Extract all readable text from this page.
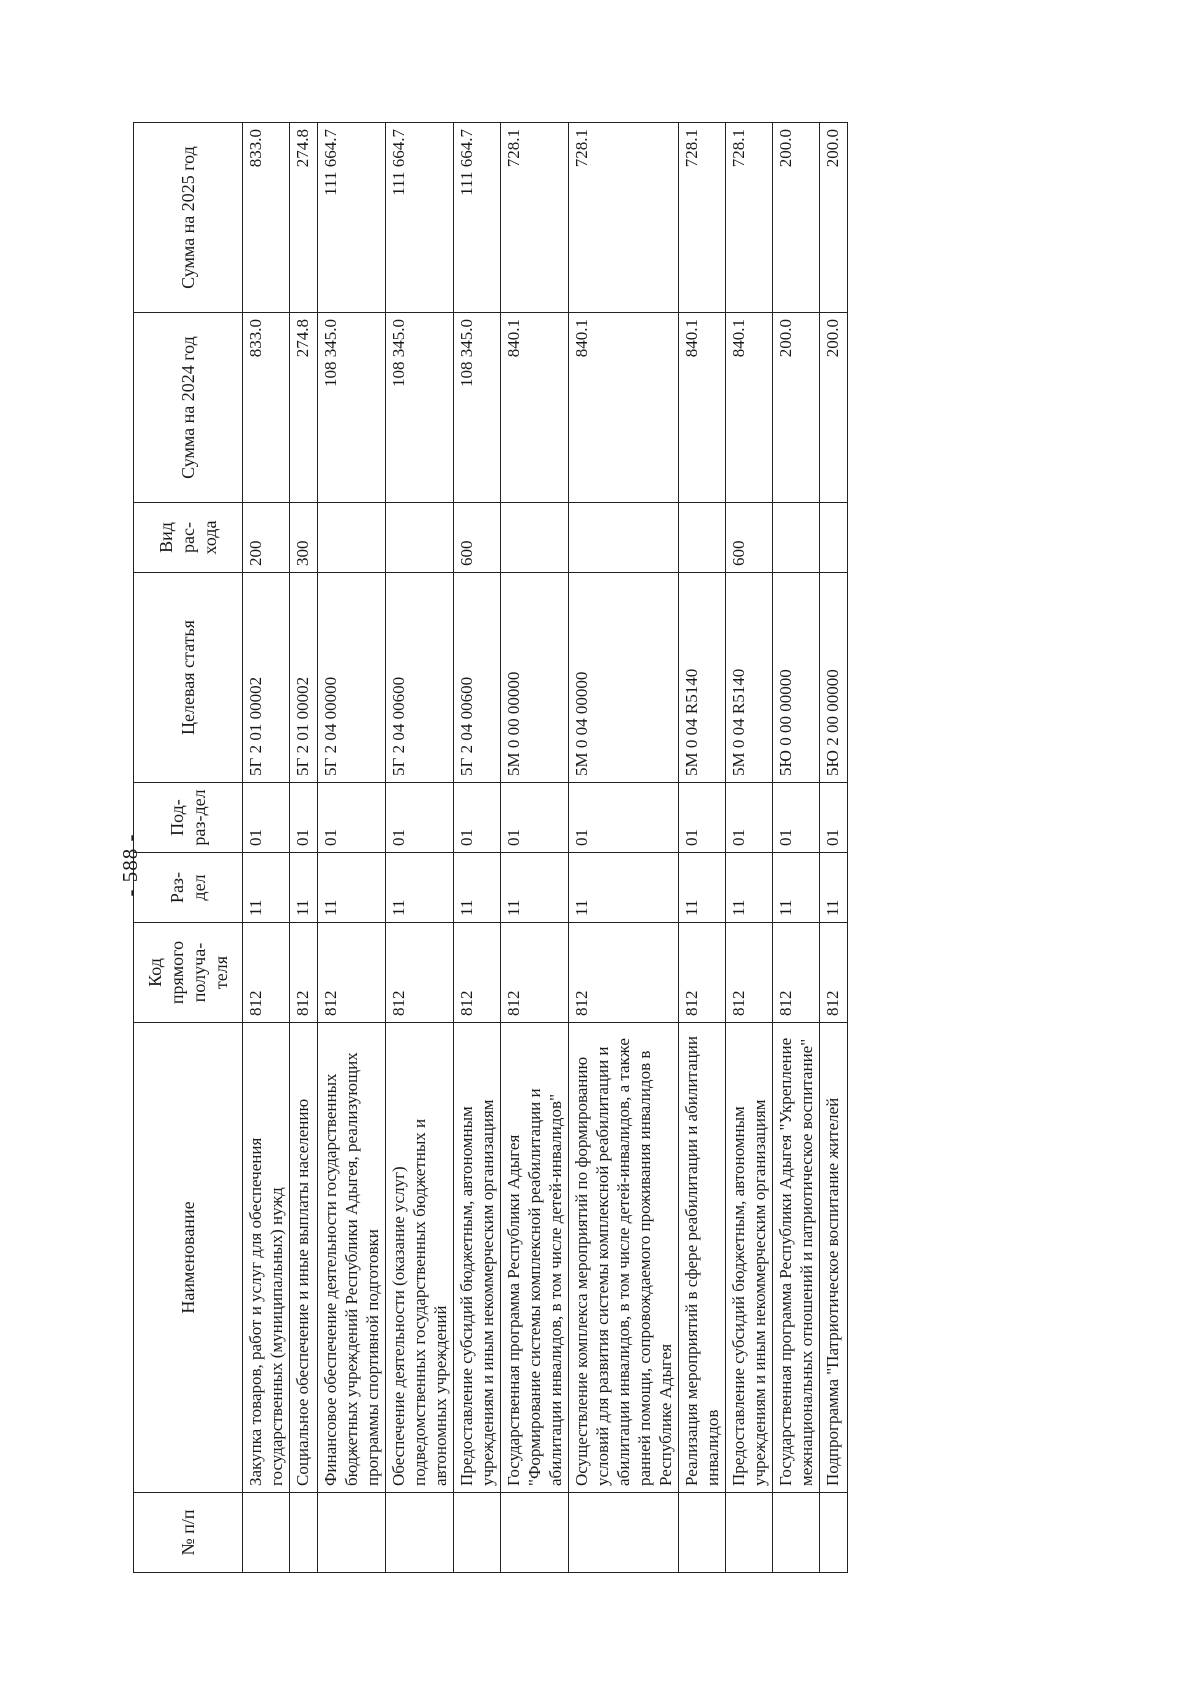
- 588 -
№ п/п	Наименование	Код прямого получа-теля	Раз-дел	Под-раз-дел	Целевая статья	Вид рас-хода	Сумма на 2024 год	Сумма на 2025 год
	Закупка товаров, работ и услуг для обеспечения государственных (муниципальных) нужд	812	11	01	5Г 2 01 00002	200	833.0	833.0
	Социальное обеспечение и иные выплаты населению	812	11	01	5Г 2 01 00002	300	274.8	274.8
	Финансовое обеспечение деятельности государственных бюджетных учреждений Республики Адыгея, реализующих программы спортивной подготовки	812	11	01	5Г 2 04 00000		108 345.0	111 664.7
	Обеспечение деятельности (оказание услуг) подведомственных государственных бюджетных и автономных учреждений	812	11	01	5Г 2 04 00600		108 345.0	111 664.7
	Предоставление субсидий бюджетным, автономным учреждениям и иным некоммерческим организациям	812	11	01	5Г 2 04 00600	600	108 345.0	111 664.7
	Государственная программа Республики Адыгея "Формирование системы комплексной реабилитации и абилитации инвалидов, в том числе детей-инвалидов"	812	11	01	5М 0 00 00000		840.1	728.1
	Осуществление комплекса мероприятий по формированию условий для развития системы комплексной реабилитации и абилитации инвалидов, в том числе детей-инвалидов, а также ранней помощи, сопровождаемого проживания инвалидов в Республике Адыгея	812	11	01	5М 0 04 00000		840.1	728.1
	Реализация мероприятий в сфере реабилитации и абилитации инвалидов	812	11	01	5М 0 04 R5140		840.1	728.1
	Предоставление субсидий бюджетным, автономным учреждениям и иным некоммерческим организациям	812	11	01	5М 0 04 R5140	600	840.1	728.1
	Государственная программа Республики Адыгея "Укрепление межнациональных отношений и патриотическое воспитание"	812	11	01	5Ю 0 00 00000		200.0	200.0
	Подпрограмма "Патриотическое воспитание жителей	812	11	01	5Ю 2 00 00000		200.0	200.0
